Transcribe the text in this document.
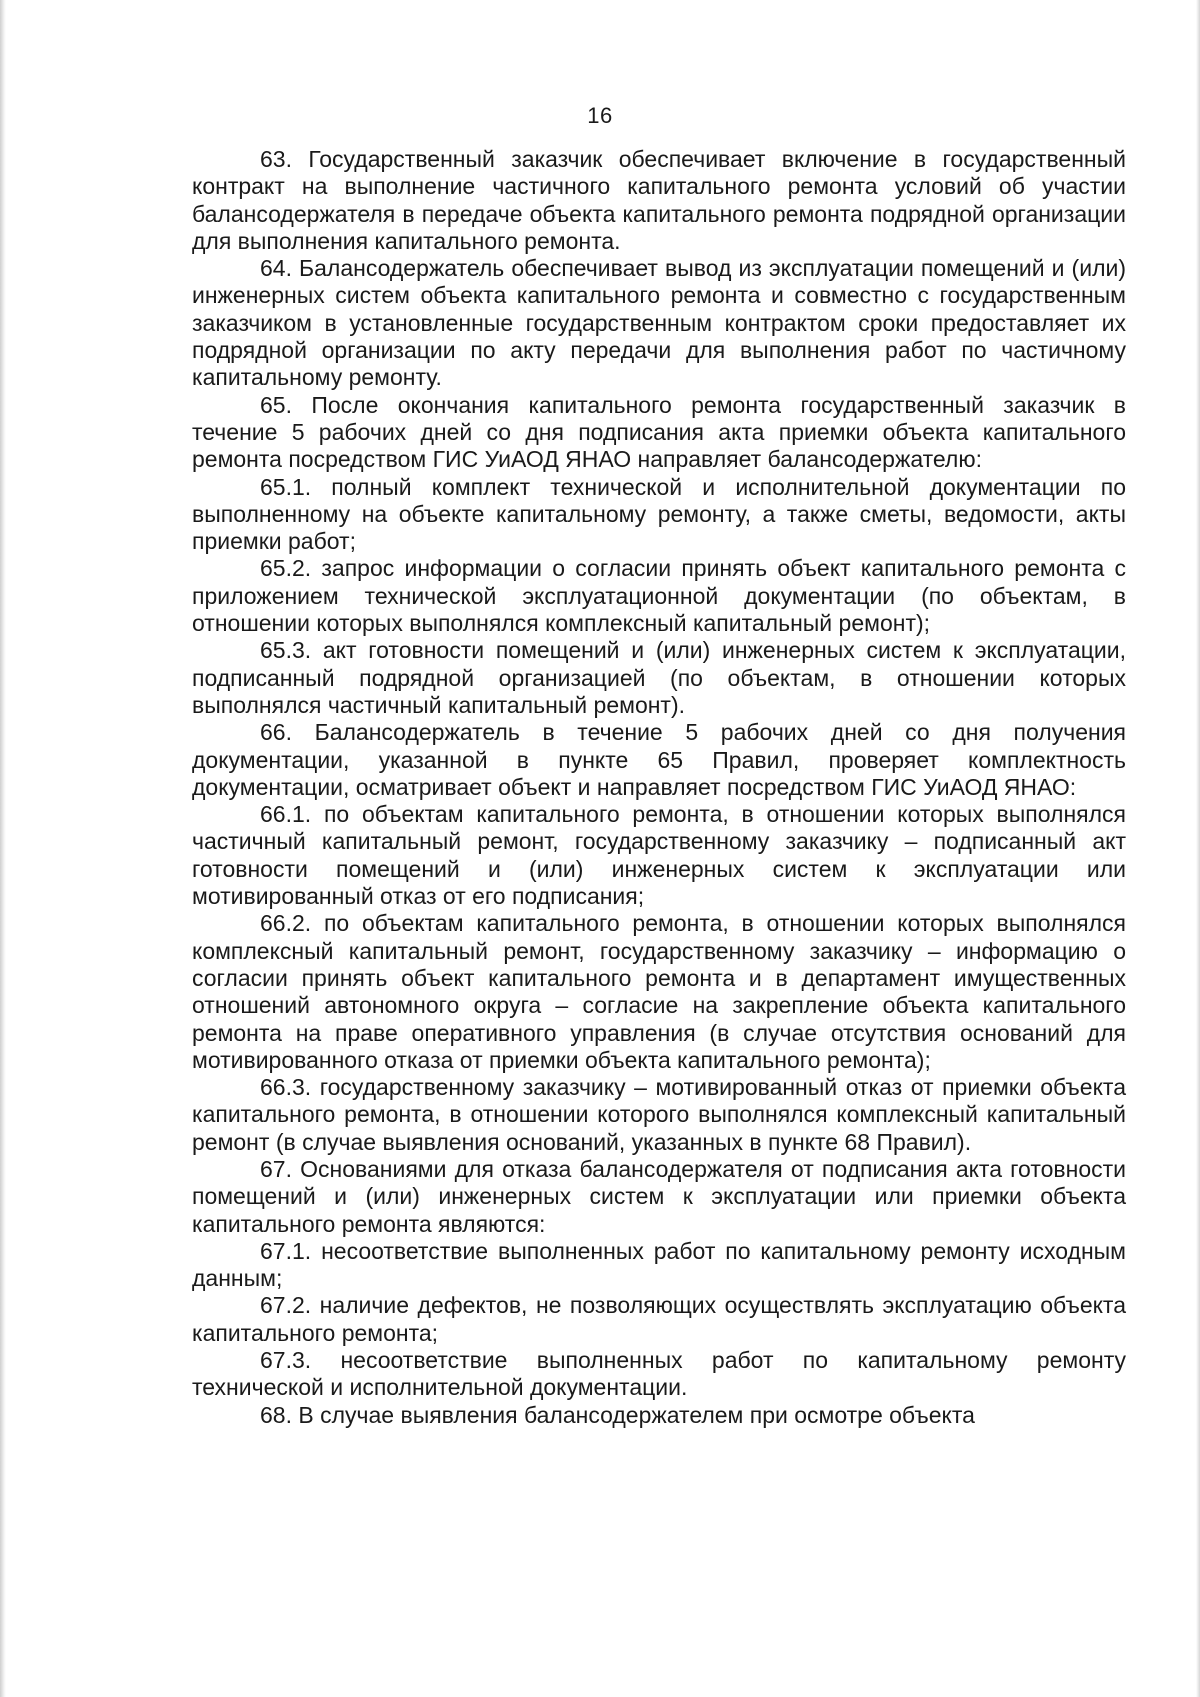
16

63. Государственный заказчик обеспечивает включение в государственный контракт на выполнение частичного капитального ремонта условий об участии балансодержателя в передаче объекта капитального ремонта подрядной организации для выполнения капитального ремонта.

64. Балансодержатель обеспечивает вывод из эксплуатации помещений и (или) инженерных систем объекта капитального ремонта и совместно с государственным заказчиком в установленные государственным контрактом сроки предоставляет их подрядной организации по акту передачи для выполнения работ по частичному капитальному ремонту.

65. После окончания капитального ремонта государственный заказчик в течение 5 рабочих дней со дня подписания акта приемки объекта капитального ремонта посредством ГИС УиАОД ЯНАО направляет балансодержателю:

65.1. полный комплект технической и исполнительной документации по выполненному на объекте капитальному ремонту, а также сметы, ведомости, акты приемки работ;

65.2. запрос информации о согласии принять объект капитального ремонта с приложением технической эксплуатационной документации (по объектам, в отношении которых выполнялся комплексный капитальный ремонт);

65.3. акт готовности помещений и (или) инженерных систем к эксплуатации, подписанный подрядной организацией (по объектам, в отношении которых выполнялся частичный капитальный ремонт).

66. Балансодержатель в течение 5 рабочих дней со дня получения документации, указанной в пункте 65 Правил, проверяет комплектность документации, осматривает объект и направляет посредством ГИС УиАОД ЯНАО:

66.1. по объектам капитального ремонта, в отношении которых выполнялся частичный капитальный ремонт, государственному заказчику – подписанный акт готовности помещений и (или) инженерных систем к эксплуатации или мотивированный отказ от его подписания;

66.2. по объектам капитального ремонта, в отношении которых выполнялся комплексный капитальный ремонт, государственному заказчику – информацию о согласии принять объект капитального ремонта и в департамент имущественных отношений автономного округа – согласие на закрепление объекта капитального ремонта на праве оперативного управления (в случае отсутствия оснований для мотивированного отказа от приемки объекта капитального ремонта);

66.3. государственному заказчику – мотивированный отказ от приемки объекта капитального ремонта, в отношении которого выполнялся комплексный капитальный ремонт (в случае выявления оснований, указанных в пункте 68 Правил).

67. Основаниями для отказа балансодержателя от подписания акта готовности помещений и (или) инженерных систем к эксплуатации или приемки объекта капитального ремонта являются:

67.1. несоответствие выполненных работ по капитальному ремонту исходным данным;

67.2. наличие дефектов, не позволяющих осуществлять эксплуатацию объекта капитального ремонта;

67.3. несоответствие выполненных работ по капитальному ремонту технической и исполнительной документации.

68. В случае выявления балансодержателем при осмотре объекта
